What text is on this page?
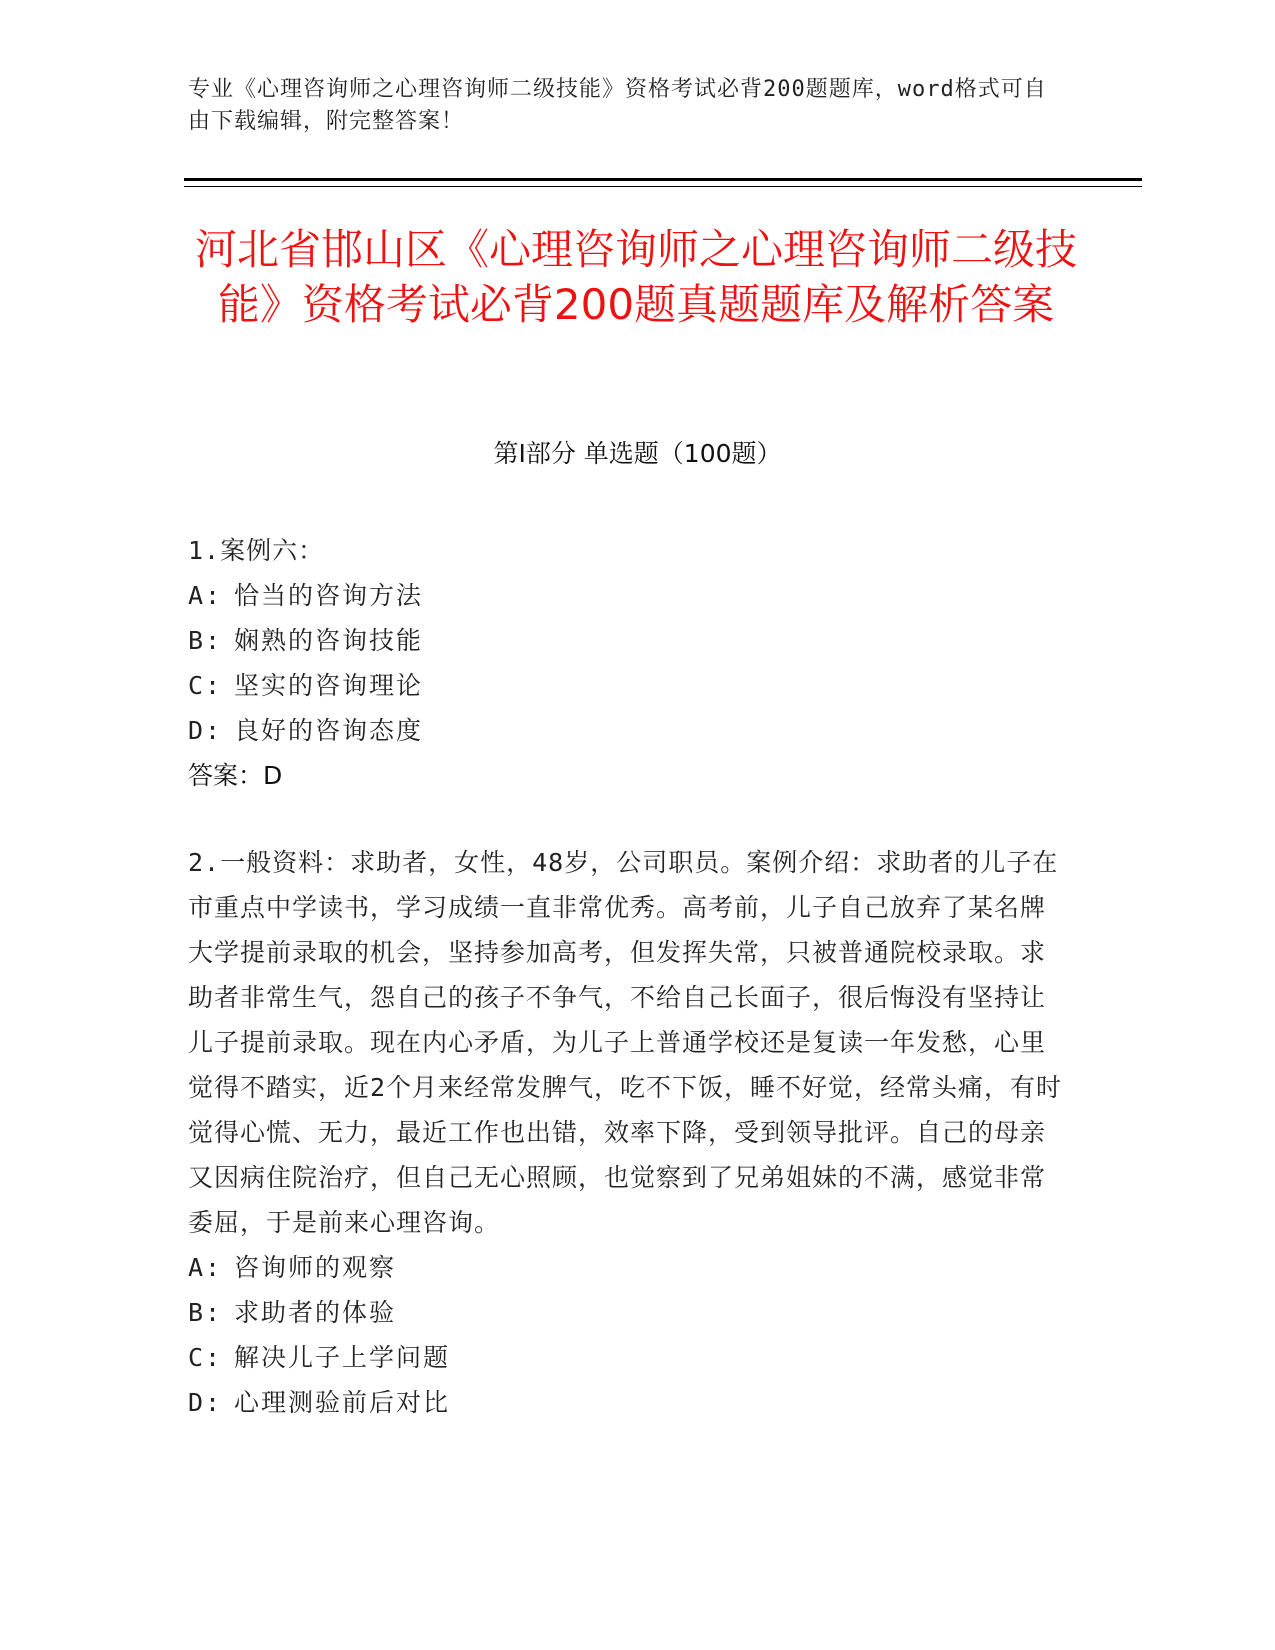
专业《心理咨询师之心理咨询师二级技能》资格考试必背200题题库，word格式可自由下载编辑，附完整答案！
河北省邯山区《心理咨询师之心理咨询师二级技能》资格考试必背200题真题题库及解析答案
第Ⅰ部分 单选题（100题）

1.案例六：

A: 恰当的咨询方法

B: 娴熟的咨询技能

C: 坚实的咨询理论

D: 良好的咨询态度

答案：D

2.一般资料：求助者，女性，48岁，公司职员。案例介绍：求助者的儿子在市重点中学读书，学习成绩一直非常优秀。高考前，儿子自己放弃了某名牌大学提前录取的机会，坚持参加高考，但发挥失常，只被普通院校录取。求助者非常生气，怨自己的孩子不争气，不给自己长面子，很后悔没有坚持让儿子提前录取。现在内心矛盾，为儿子上普通学校还是复读一年发愁，心里觉得不踏实，近2个月来经常发脾气，吃不下饭，睡不好觉，经常头痛，有时觉得心慌、无力，最近工作也出错，效率下降，受到领导批评。自己的母亲又因病住院治疗，但自己无心照顾，也觉察到了兄弟姐妹的不满，感觉非常委屈，于是前来心理咨询。

A: 咨询师的观察

B: 求助者的体验

C: 解决儿子上学问题

D: 心理测验前后对比
